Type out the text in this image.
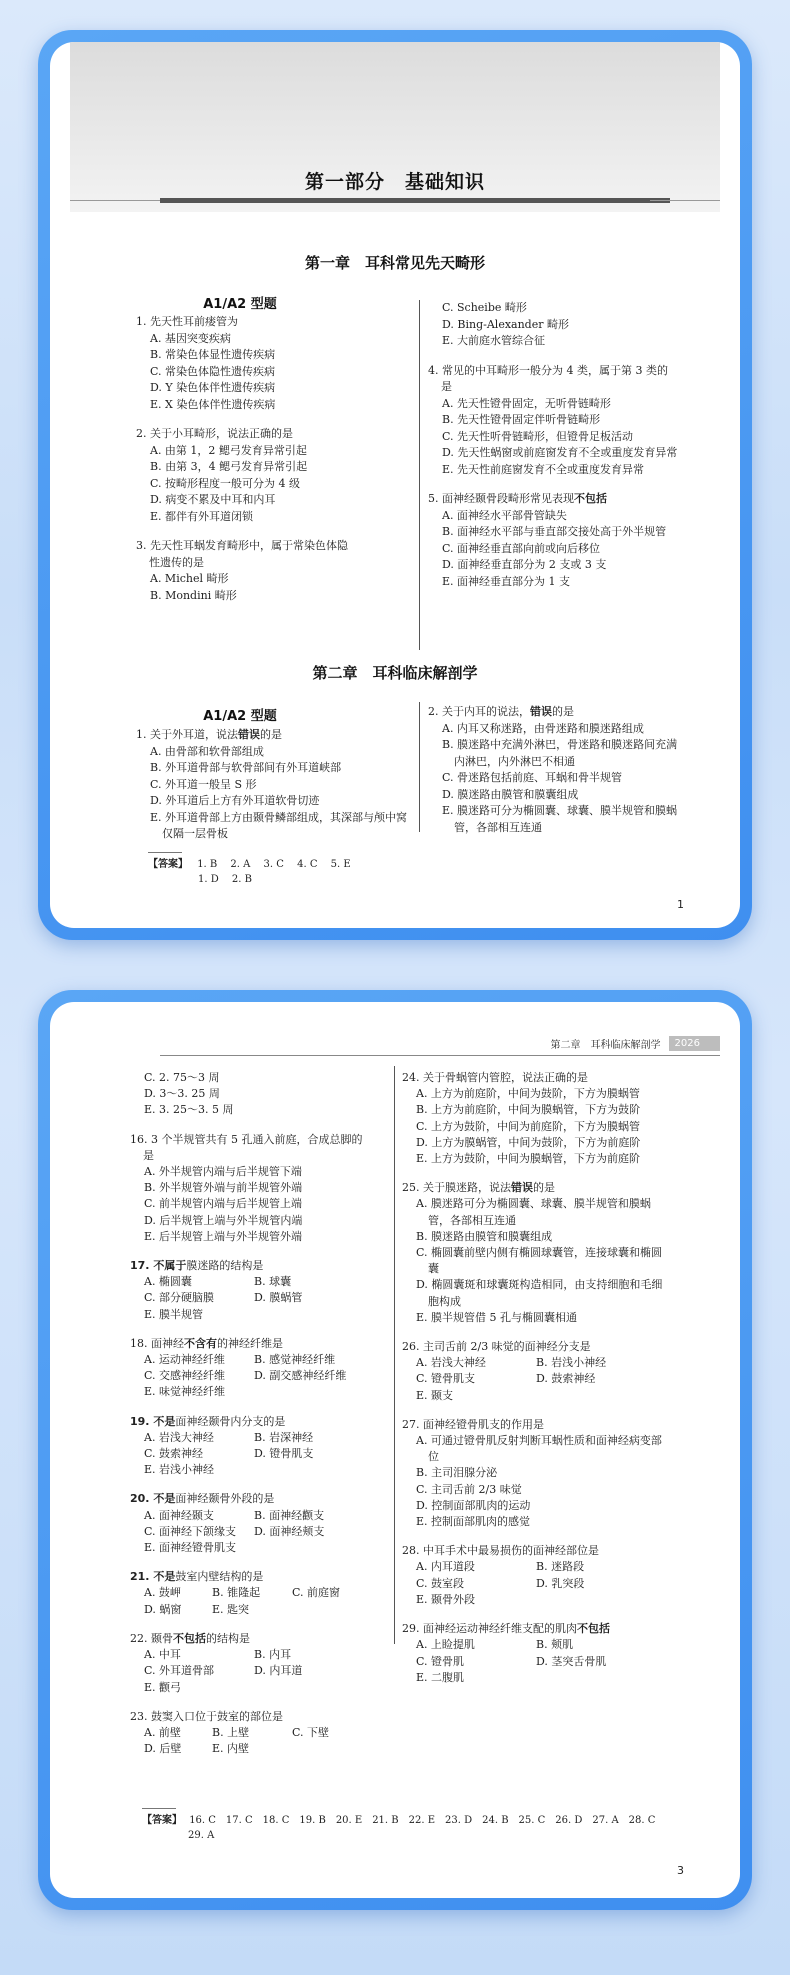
第一部分　基础知识
第一章　耳科常见先天畸形
A1/A2 型题
1. 先天性耳前瘘管为
A. 基因突变疾病
B. 常染色体显性遗传疾病
C. 常染色体隐性遗传疾病
D. Y 染色体伴性遗传疾病
E. X 染色体伴性遗传疾病
2. 关于小耳畸形，说法正确的是
A. 由第 1，2 鳃弓发育异常引起
B. 由第 3，4 鳃弓发育异常引起
C. 按畸形程度一般可分为 4 级
D. 病变不累及中耳和内耳
E. 都伴有外耳道闭锁
3. 先天性耳蜗发育畸形中，属于常染色体隐性遗传的是
A. Michel 畸形
B. Mondini 畸形
C. Scheibe 畸形
D. Bing-Alexander 畸形
E. 大前庭水管综合征
4. 常见的中耳畸形一般分为 4 类，属于第 3 类的是
A. 先天性镫骨固定，无听骨链畸形
B. 先天性镫骨固定伴听骨链畸形
C. 先天性听骨链畸形，但镫骨足板活动
D. 先天性蜗窗或前庭窗发育不全或重度发育异常
E. 先天性前庭窗发育不全或重度发育异常
5. 面神经颞骨段畸形常见表现不包括
A. 面神经水平部骨管缺失
B. 面神经水平部与垂直部交接处高于外半规管
C. 面神经垂直部向前或向后移位
D. 面神经垂直部分为 2 支或 3 支
E. 面神经垂直部分为 1 支
第二章　耳科临床解剖学
A1/A2 型题
1. 关于外耳道，说法错误的是
A. 由骨部和软骨部组成
B. 外耳道骨部与软骨部间有外耳道峡部
C. 外耳道一般呈 S 形
D. 外耳道后上方有外耳道软骨切迹
E. 外耳道骨部上方由颞骨鳞部组成，其深部与颅中窝仅隔一层骨板
2. 关于内耳的说法，错误的是
A. 内耳又称迷路，由骨迷路和膜迷路组成
B. 膜迷路中充满外淋巴，骨迷路和膜迷路间充满内淋巴，内外淋巴不相通
C. 骨迷路包括前庭、耳蜗和骨半规管
D. 膜迷路由膜管和膜囊组成
E. 膜迷路可分为椭圆囊、球囊、膜半规管和膜蜗管，各部相互连通
【答案】 1. B　 2. A　 3. C　 4. C　 5. E
1. D　 2. B
1
第二章　耳科临床解剖学	2026
C. 2. 75～3 周
D. 3～3. 25 周
E. 3. 25～3. 5 周
16. 3 个半规管共有 5 孔通入前庭，合成总脚的是
A. 外半规管内端与后半规管下端
B. 外半规管外端与前半规管外端
C. 前半规管内端与后半规管上端
D. 后半规管上端与外半规管内端
E. 后半规管上端与外半规管外端
17. 不属于膜迷路的结构是
A. 椭圆囊	B. 球囊
C. 部分硬脑膜	D. 膜蜗管
E. 膜半规管
18. 面神经不含有的神经纤维是
A. 运动神经纤维	B. 感觉神经纤维
C. 交感神经纤维	D. 副交感神经纤维
E. 味觉神经纤维
19. 不是面神经颞骨内分支的是
A. 岩浅大神经	B. 岩深神经
C. 鼓索神经	D. 镫骨肌支
E. 岩浅小神经
20. 不是面神经颞骨外段的是
A. 面神经颞支	B. 面神经颧支
C. 面神经下颌缘支	D. 面神经颊支
E. 面神经镫骨肌支
21. 不是鼓室内壁结构的是
A. 鼓岬	B. 锥隆起	C. 前庭窗
D. 蜗窗	E. 匙突
22. 颞骨不包括的结构是
A. 中耳	B. 内耳
C. 外耳道骨部	D. 内耳道
E. 颧弓
23. 鼓窦入口位于鼓室的部位是
A. 前壁	B. 上壁	C. 下壁
D. 后壁	E. 内壁
24. 关于骨蜗管内管腔，说法正确的是
A. 上方为前庭阶，中间为鼓阶，下方为膜蜗管
B. 上方为前庭阶，中间为膜蜗管，下方为鼓阶
C. 上方为鼓阶，中间为前庭阶，下方为膜蜗管
D. 上方为膜蜗管，中间为鼓阶，下方为前庭阶
E. 上方为鼓阶，中间为膜蜗管，下方为前庭阶
25. 关于膜迷路，说法错误的是
A. 膜迷路可分为椭圆囊、球囊、膜半规管和膜蜗管，各部相互连通
B. 膜迷路由膜管和膜囊组成
C. 椭圆囊前壁内侧有椭圆球囊管，连接球囊和椭圆囊
D. 椭圆囊斑和球囊斑构造相同，由支持细胞和毛细胞构成
E. 膜半规管借 5 孔与椭圆囊相通
26. 主司舌前 2/3 味觉的面神经分支是
A. 岩浅大神经	B. 岩浅小神经
C. 镫骨肌支	D. 鼓索神经
E. 颞支
27. 面神经镫骨肌支的作用是
A. 可通过镫骨肌反射判断耳蜗性质和面神经病变部位
B. 主司泪腺分泌
C. 主司舌前 2/3 味觉
D. 控制面部肌肉的运动
E. 控制面部肌肉的感觉
28. 中耳手术中最易损伤的面神经部位是
A. 内耳道段	B. 迷路段
C. 鼓室段	D. 乳突段
E. 颞骨外段
29. 面神经运动神经纤维支配的肌肉不包括
A. 上睑提肌	B. 颊肌
C. 镫骨肌	D. 茎突舌骨肌
E. 二腹肌
【答案】 16. C　17. C　18. C　19. B　20. E　21. B　22. E　23. D　24. B　25. C　26. D　27. A　28. C
29. A
3
